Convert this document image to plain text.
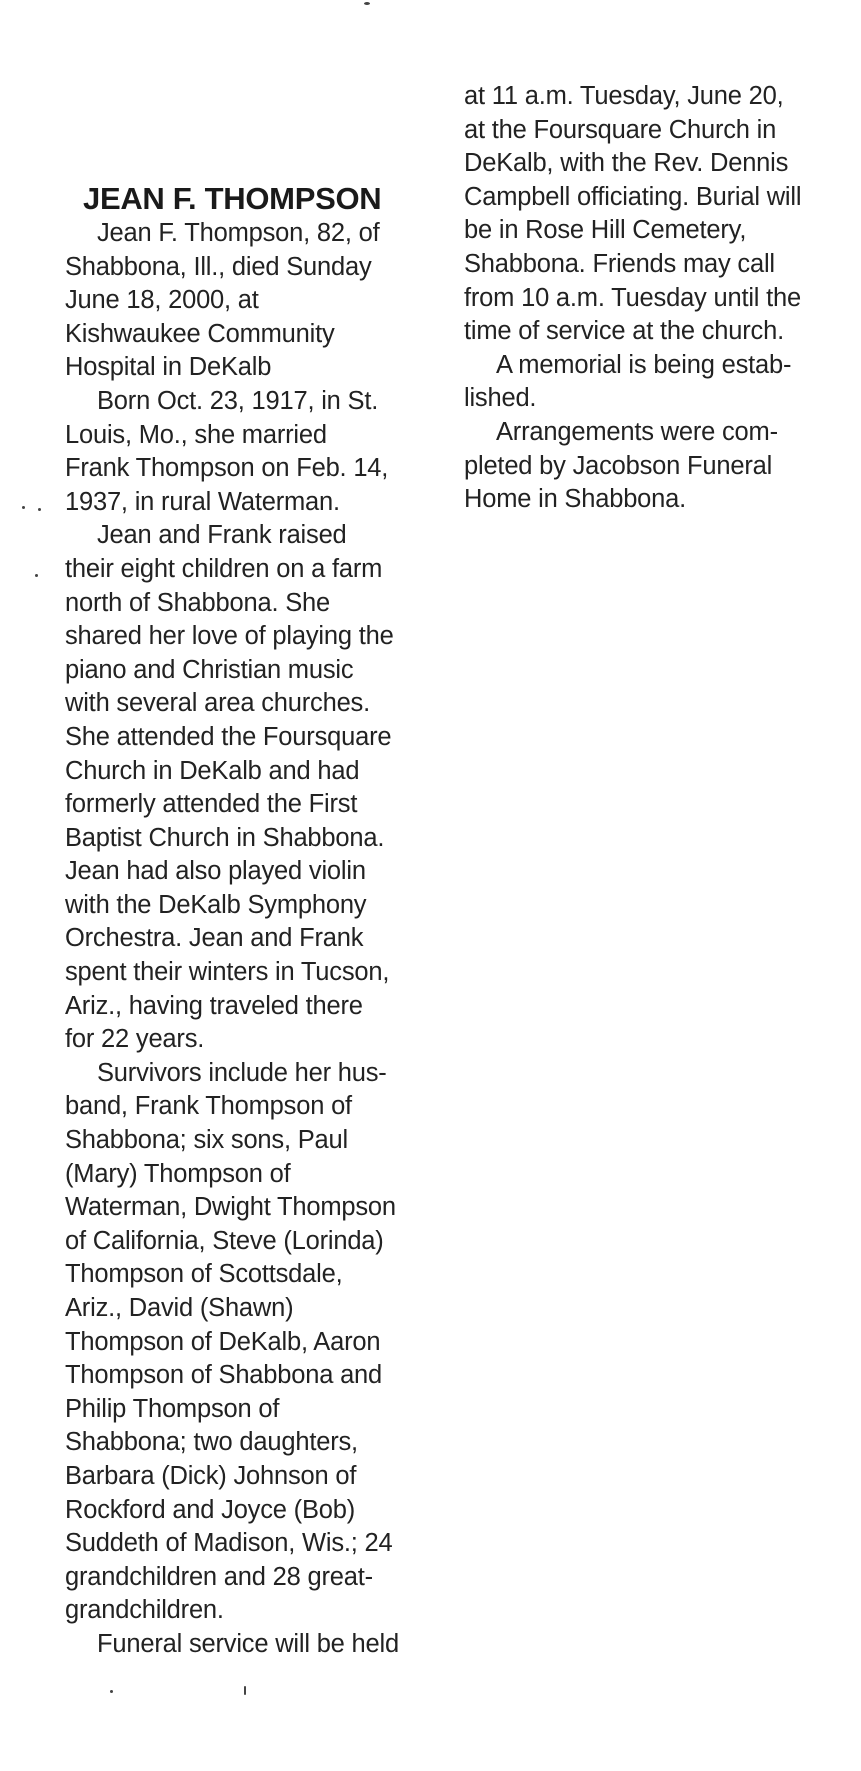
JEAN F. THOMPSON

Jean F. Thompson, 82, of
Shabbona, Ill., died Sunday
June 18, 2000, at
Kishwaukee Community
Hospital in DeKalb

Born Oct. 23, 1917, in St.
Louis, Mo., she married
Frank Thompson on Feb. 14,
1937, in rural Waterman.

Jean and Frank raised
their eight children on a farm
north of Shabbona. She
shared her love of playing the
piano and Christian music
with several area churches.
She attended the Foursquare
Church in DeKalb and had
formerly attended the First
Baptist Church in Shabbona.
Jean had also played violin
with the DeKalb Symphony
Orchestra. Jean and Frank
spent their winters in Tucson,
Ariz., having traveled there
for 22 years.

Survivors include her hus-
band, Frank Thompson of
Shabbona; six sons, Paul
(Mary) Thompson of
Waterman, Dwight Thompson
of California, Steve (Lorinda)
Thompson of Scottsdale,
Ariz., David (Shawn)
Thompson of DeKalb, Aaron
Thompson of Shabbona and
Philip Thompson of
Shabbona; two daughters,
Barbara (Dick) Johnson of
Rockford and Joyce (Bob)
Suddeth of Madison, Wis.; 24
grandchildren and 28 great-
grandchildren.

Funeral service will be held

at 11 a.m. Tuesday, June 20,
at the Foursquare Church in
DeKalb, with the Rev. Dennis
Campbell officiating. Burial will
be in Rose Hill Cemetery,
Shabbona. Friends may call
from 10 a.m. Tuesday until the
time of service at the church.

A memorial is being estab-
lished.

Arrangements were com-
pleted by Jacobson Funeral
Home in Shabbona.
